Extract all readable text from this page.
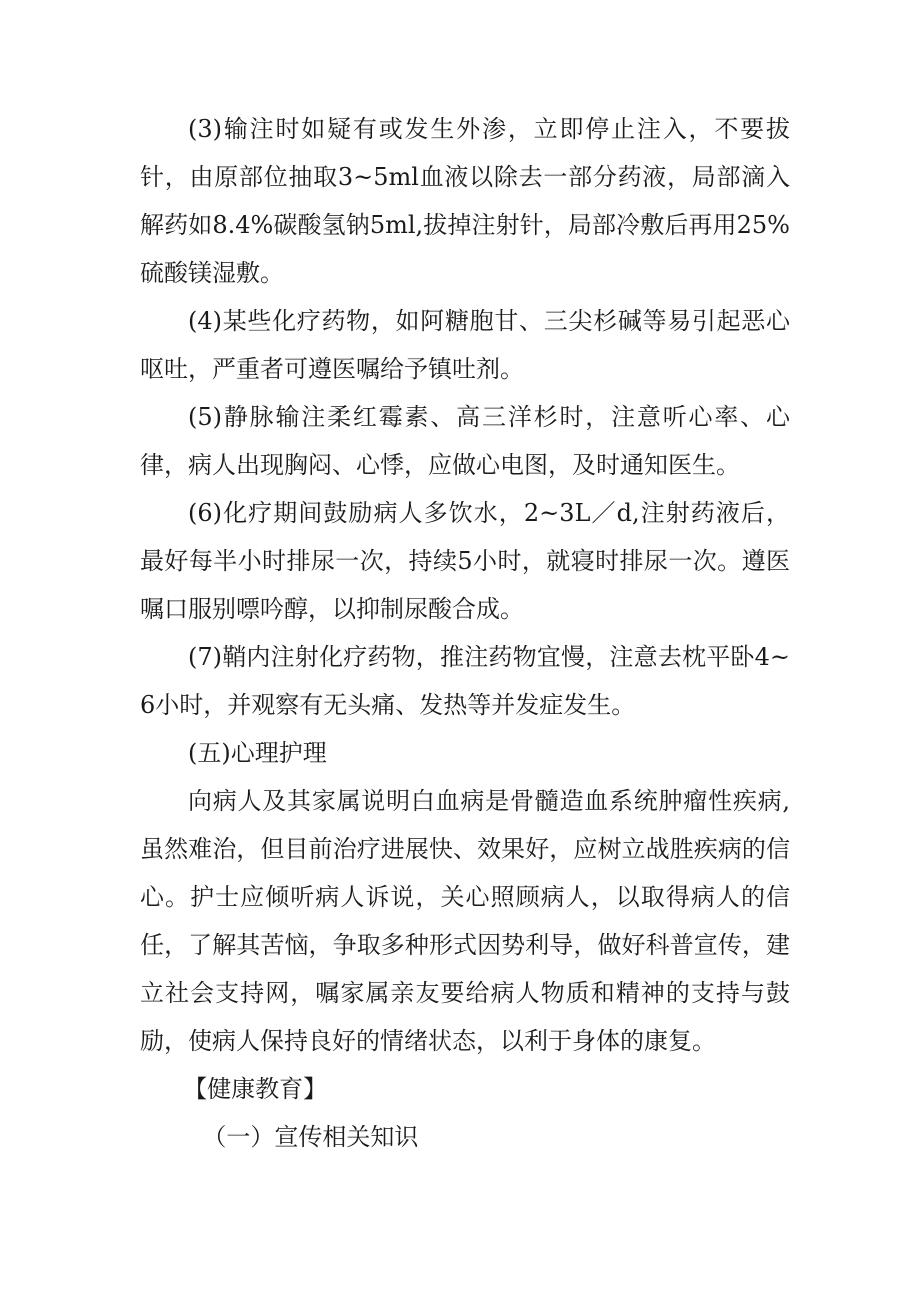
(3)输注时如疑有或发生外渗，立即停止注入，不要拔针，由原部位抽取3~5ml血液以除去一部分药液，局部滴入解药如8.4%碳酸氢钠5ml,拔掉注射针，局部冷敷后再用25%硫酸镁湿敷。

(4)某些化疗药物，如阿糖胞甘、三尖杉碱等易引起恶心呕吐，严重者可遵医嘱给予镇吐剂。

(5)静脉输注柔红霉素、高三洋杉时，注意听心率、心律，病人出现胸闷、心悸，应做心电图，及时通知医生。

(6)化疗期间鼓励病人多饮水，2~3L／d,注射药液后，最好每半小时排尿一次，持续5小时，就寝时排尿一次。遵医嘱口服别嘌吟醇，以抑制尿酸合成。

(7)鞘内注射化疗药物，推注药物宜慢，注意去枕平卧4~6小时，并观察有无头痛、发热等并发症发生。

(五)心理护理

向病人及其家属说明白血病是骨髓造血系统肿瘤性疾病,虽然难治，但目前治疗进展快、效果好，应树立战胜疾病的信心。护士应倾听病人诉说，关心照顾病人，以取得病人的信任，了解其苦恼，争取多种形式因势利导，做好科普宣传，建立社会支持网，嘱家属亲友要给病人物质和精神的支持与鼓励，使病人保持良好的情绪状态，以利于身体的康复。

【健康教育】

（一）宣传相关知识
